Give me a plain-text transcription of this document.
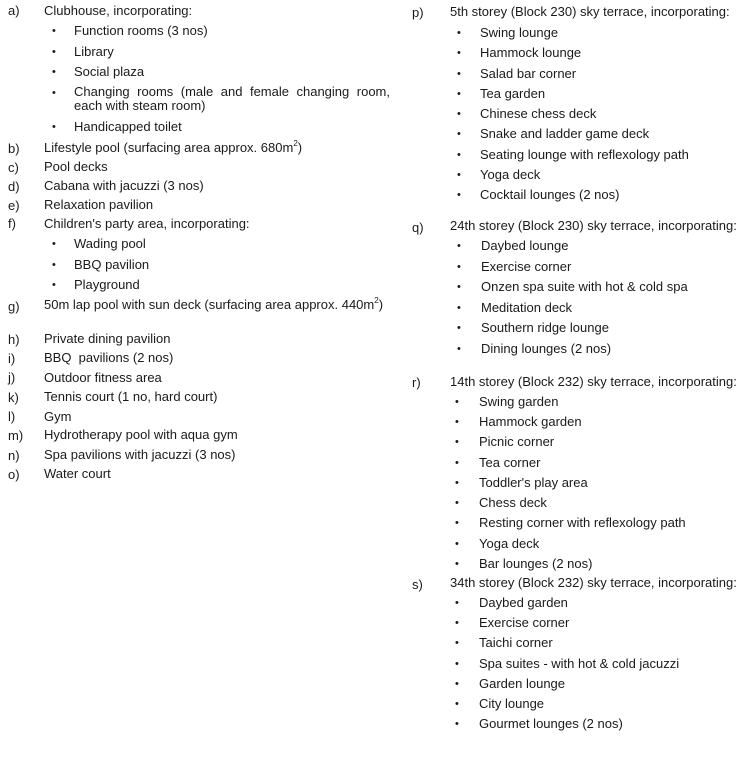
a) Clubhouse, incorporating:
• Function rooms (3 nos)
• Library
• Social plaza
• Changing rooms (male and female changing room, each with steam room)
• Handicapped toilet
b) Lifestyle pool (surfacing area approx. $680m^2$)
c) Pool decks
d) Cabana with jacuzzi (3 nos)
e) Relaxation pavilion
f) Children's party area, incorporating:
• Wading pool
• BBQ pavilion
• Playground
g) 50m lap pool with sun deck (surfacing area approx. $440m^2$)
h) Private dining pavilion
i) BBQ  pavilions (2 nos)
j) Outdoor fitness area
k) Tennis court (1 no, hard court)
l) Gym
m) Hydrotherapy pool with aqua gym
n) Spa pavilions with jacuzzi (3 nos)
o) Water court
p) 5th storey (Block 230) sky terrace, incorporating:
• Swing lounge
• Hammock lounge
• Salad bar corner
• Tea garden
• Chinese chess deck
• Snake and ladder game deck
• Seating lounge with reflexology path
• Yoga deck
• Cocktail lounges (2 nos)
q) 24th storey (Block 230) sky terrace, incorporating:
• Daybed lounge
• Exercise corner
• Onzen spa suite with hot & cold spa
• Meditation deck
• Southern ridge lounge
• Dining lounges (2 nos)
r) 14th storey (Block 232) sky terrace, incorporating:
• Swing garden
• Hammock garden
• Picnic corner
• Tea corner
• Toddler's play area
• Chess deck
• Resting corner with reflexology path
• Yoga deck
• Bar lounges (2 nos)
s) 34th storey (Block 232) sky terrace, incorporating:
• Daybed garden
• Exercise corner
• Taichi corner
• Spa suites - with hot & cold jacuzzi
• Garden lounge
• City lounge
• Gourmet lounges (2 nos)
